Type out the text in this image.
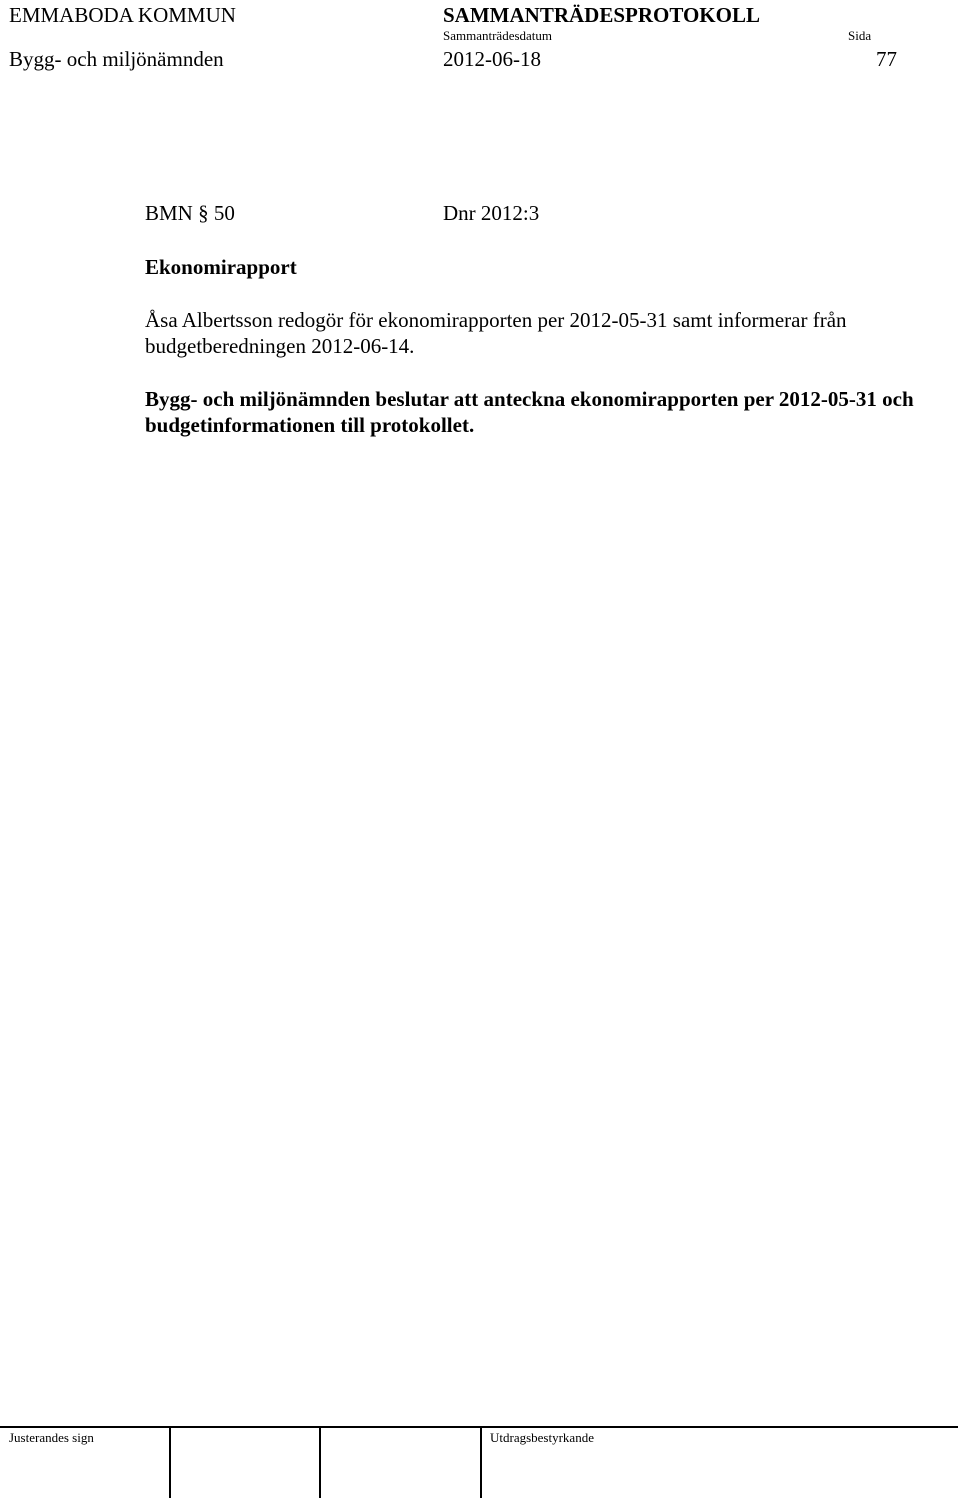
EMMABODA KOMMUN	SAMMANTRÄDESPROTOKOLL
Sammanträdesdatum	Sida
Bygg- och miljönämnden	2012-06-18	77
BMN § 50	Dnr 2012:3
Ekonomirapport
Åsa Albertsson redogör för ekonomirapporten per 2012-05-31 samt informerar från budgetberedningen 2012-06-14.
Bygg- och miljönämnden beslutar att anteckna ekonomirapporten per 2012-05-31 och budgetinformationen till protokollet.
Justerandes sign	Utdragsbestyrkande
